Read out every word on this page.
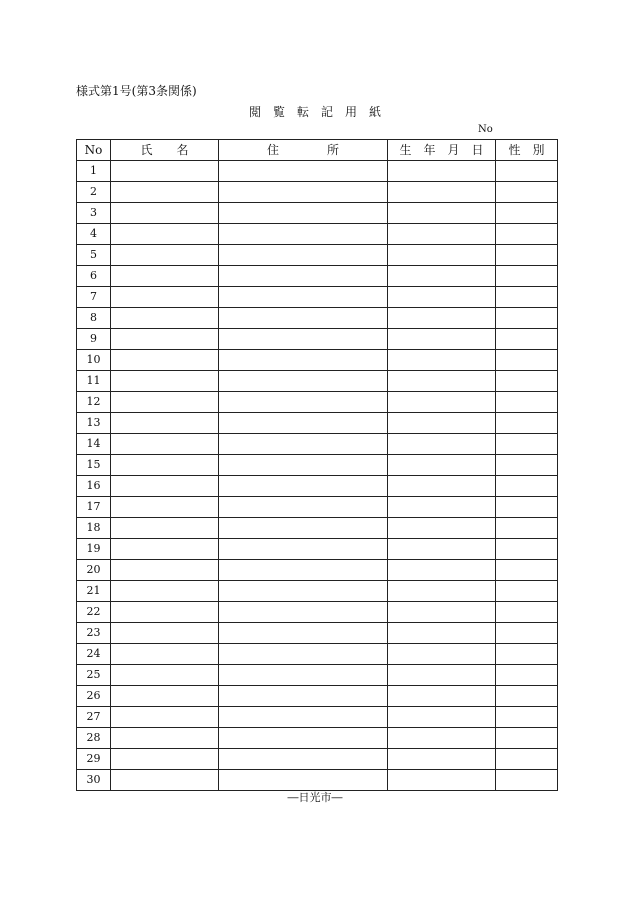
様式第1号(第3条関係)
閲　覧　転　記　用　紙
No
No	氏　　名	住　　　　所	生　年　月　日	性　別
1				
2				
3				
4				
5				
6				
7				
8				
9				
10				
11				
12				
13				
14				
15				
16				
17				
18				
19				
20				
21				
22				
23				
24				
25				
26				
27				
28				
29				
30				
―日光市―
